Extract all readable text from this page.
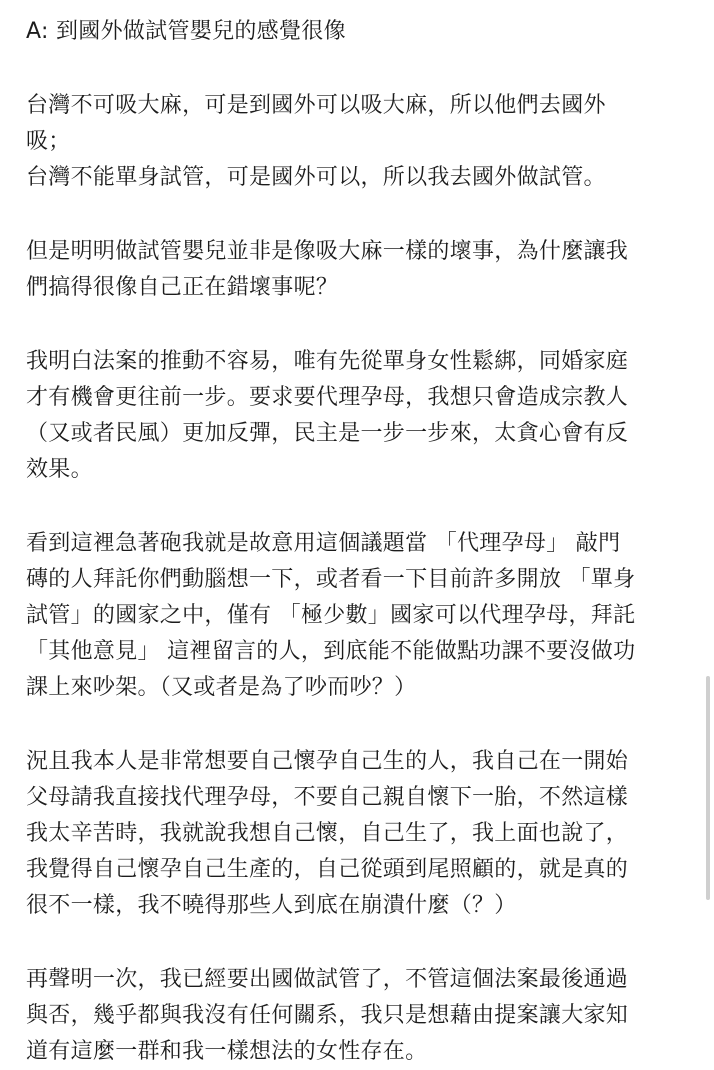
A: 到國外做試管嬰兒的感覺很像
台灣不可吸大麻，可是到國外可以吸大麻，所以他們去國外
吸；
台灣不能單身試管，可是國外可以，所以我去國外做試管。
但是明明做試管嬰兒並非是像吸大麻一樣的壞事，為什麼讓我
們搞得很像自己正在錯壞事呢？
我明白法案的推動不容易，唯有先從單身女性鬆綁，同婚家庭
才有機會更往前一步。要求要代理孕母，我想只會造成宗教人
（又或者民風）更加反彈，民主是一步一步來，太貪心會有反
效果。
看到這裡急著砲我就是故意用這個議題當 「代理孕母」 敲門
磚的人拜託你們動腦想一下，或者看一下目前許多開放 「單身
試管」的國家之中，僅有 「極少數」國家可以代理孕母，拜託
「其他意見」 這裡留言的人，到底能不能做點功課不要沒做功
課上來吵架。（又或者是為了吵而吵？）
況且我本人是非常想要自己懷孕自己生的人，我自己在一開始
父母請我直接找代理孕母，不要自己親自懷下一胎，不然這樣
我太辛苦時，我就說我想自己懷，自己生了，我上面也說了，
我覺得自己懷孕自己生產的，自己從頭到尾照顧的，就是真的
很不一樣，我不曉得那些人到底在崩潰什麼（？）
再聲明一次，我已經要出國做試管了，不管這個法案最後通過
與否，幾乎都與我沒有任何關系，我只是想藉由提案讓大家知
道有這麼一群和我一樣想法的女性存在。
